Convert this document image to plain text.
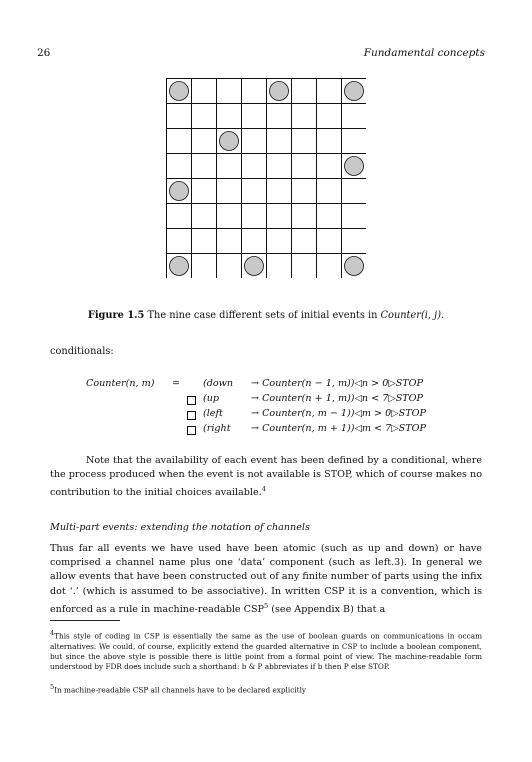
26	Fundamental concepts
Figure 1.5 The nine case different sets of initial events in Counter(i, j).
conditionals:
Counter(n, m) = (down → Counter(n − 1, m))◁n > 0▷STOP
(up	→ Counter(n + 1, m))◁n < 7▷STOP
(left	→ Counter(n, m − 1))◁m > 0▷STOP
(right → Counter(n, m + 1))◁m < 7▷STOP
Note that the availability of each event has been defined by a conditional, where the process produced when the event is not available is STOP, which of course makes no contribution to the initial choices available.$^4$
Multi-part events: extending the notation of channels
Thus far all events we have used have been atomic (such as up and down) or have comprised a channel name plus one ‘data’ component (such as left.3). In general we allow events that have been constructed out of any finite number of parts using the infix dot ‘.’ (which is assumed to be associative). In written CSP it is a convention, which is enforced as a rule in machine-readable CSP$^5$ (see Appendix B) that a
$^4$This style of coding in CSP is essentially the same as the use of boolean guards on communications in occam alternatives. We could, of course, explicitly extend the guarded alternative in CSP to include a boolean component, but since the above style is possible there is little point from a formal point of view. The machine-readable form understood by FDR does include such a shorthand: b & P abbreviates if b then P else STOP.
$^5$In machine-readable CSP all channels have to be declared explicitly
